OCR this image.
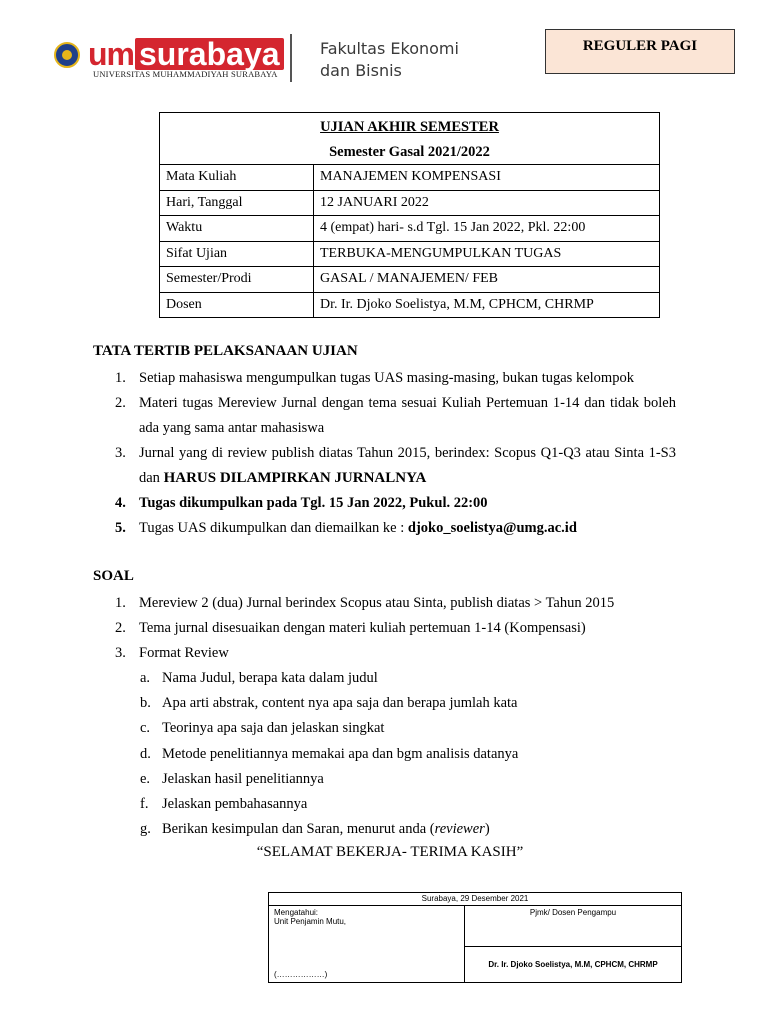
um surabaya
UNIVERSITAS MUHAMMADIYAH SURABAYA
Fakultas Ekonomi
dan Bisnis
REGULER PAGI
UJIAN AKHIR SEMESTER	
Semester Gasal 2021/2022	
Mata Kuliah	MANAJEMEN KOMPENSASI
Hari, Tanggal	12 JANUARI 2022
Waktu	4 (empat) hari- s.d Tgl. 15 Jan 2022, Pkl. 22:00
Sifat Ujian	TERBUKA-MENGUMPULKAN TUGAS
Semester/Prodi	GASAL / MANAJEMEN/ FEB
Dosen	Dr. Ir. Djoko Soelistya, M.M, CPHCM, CHRMP
TATA TERTIB PELAKSANAAN UJIAN
1. Setiap mahasiswa mengumpulkan tugas UAS masing-masing, bukan tugas kelompok
2. Materi tugas Mereview Jurnal dengan tema sesuai Kuliah Pertemuan 1-14 dan tidak boleh ada yang sama antar mahasiswa
3. Jurnal yang di review publish diatas Tahun 2015, berindex: Scopus Q1-Q3 atau Sinta 1-S3 dan HARUS DILAMPIRKAN JURNALNYA
4. Tugas dikumpulkan pada Tgl. 15 Jan 2022, Pukul. 22:00
5. Tugas UAS dikumpulkan dan diemailkan ke : djoko_soelistya@umg.ac.id
SOAL
1. Mereview 2 (dua) Jurnal berindex Scopus atau Sinta, publish diatas > Tahun 2015
2. Tema jurnal disesuaikan dengan materi kuliah pertemuan 1-14 (Kompensasi)
3. Format Review
a. Nama Judul, berapa kata dalam judul
b. Apa arti abstrak, content nya apa saja dan berapa jumlah kata
c. Teorinya apa saja dan jelaskan singkat
d. Metode penelitiannya memakai apa dan bgm analisis datanya
e. Jelaskan hasil penelitiannya
f. Jelaskan pembahasannya
g. Berikan kesimpulan dan Saran, menurut anda (reviewer)
“SELAMAT BEKERJA- TERIMA KASIH”
Surabaya, 29 Desember 2021

Mengatahui:
Unit Penjamin Mutu,
(………………)
	Pjmk/ Dosen Pengampu
Dr. Ir. Djoko Soelistya, M.M, CPHCM, CHRMP
